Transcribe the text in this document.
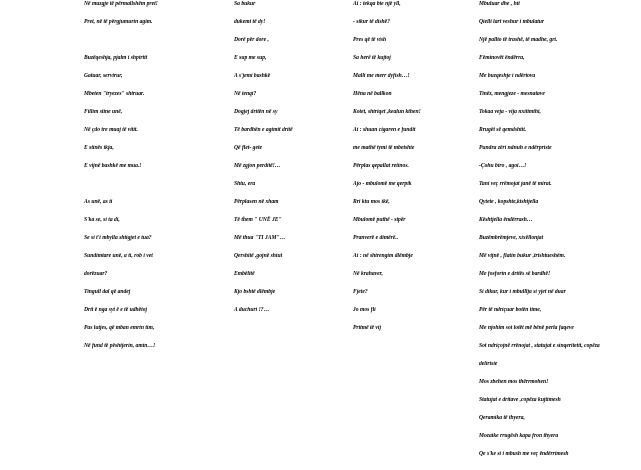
Në muzgje të përmallshëm pret!
Pret, në të përgjumurin agim.
Buzëqeshja, pjalm i shpirtit
Gatuar, servirur,
Mbeten "tryezes" shtruar.
Fillim stine unë,
Në çdo tre muaj të vitit.
E stinës ikja,
E vijnë bashkë me mua.!
As unë, as ti
S'ka se, si ta di,
Se si t'i mbylla shtigjet e tua?
Sundimtare unë, a ti, rob i vet
dorëzuar?
Tingull dal që andej
Drit ë nga syt ë e të udhëtoj
Pas lutjes, që mban emrin tim,
Në fund të pështjerin, amin…!
Sa bukur
dukemi të dy!
Dorë për dore ,
E sup me sup,
A s'jemi bashkë
Në tenqi?
Dogjej dritën në sy
Të bardhën e agimit dritë
Që flet- gete
Më zgjon perditë!…
Shtu, era
Përplasen në xham
Të them " UNË JE"
Më thua "TI JAM"…
Qershitë ,gojnë shiut
Embëlitë
Kjo bshtë dlëmbje
A duchuri !?…
Ai : tekqa bie një yll,
- sikur të dishë?
Pres që të vish
Sa herë të kujtoj
Malli me merr dyfish…!
Hëna në ballkon
Kotet, shtriqet ,kealun kthen!
Ai : shuan cigaren e fundit
me mathë tymi të mbetshte
Përplas qepallat retinos.
Ajo - mbulomë me qerpik
Rri ktu mos ikë,
Mbulomë puthë - stpër
Pranverë e dimërë..
Ai : në shtrengim dlëmbje
Në krahaver,
Fjete?
Jo mos fli
Pritmë të vij
Mbuluar dhe , hit
Qielli lart veshur i mbulatur
Një pallto të trashë, të madhe, gri.
Fëminovët ëndërra,
Me buzqeshje i ndërtova
Tinëz, mengjeze - mesnatave
Tokaa veja - vija nxitimthi,
Rrugët së qemdshtit.
Pundra zëri ndnuh e ndërpriste
-Çohu biro , agoi…!
Tani veç rrëmojat janë të mirat.
Qytete , kopshte,ktshtjella
Kështjella ëndërrash…
Buzëmbrëmjeve, xixëllonjat
Më vijnë , flatin bukur ,trishtueshëm.
Me fosforin e dritës së bardhë!
Si dikur, kur i mbulllja si yjet në duar
Për të ndriçuar botën time,
Me njohim sot lotët më bënë perla faqeve
Sot ndriçojnë rrënojat , statujat e sinqeritetit, copëza
delirisie
Mos zbehen mos thërrmohen!
Statujat e dritave ,copëza kujtimesh
Qeramika të thyera,
Mozaike rrugësh kapa fron thyera
Qe s'ke si i mbush me veç ëndërrimesh
